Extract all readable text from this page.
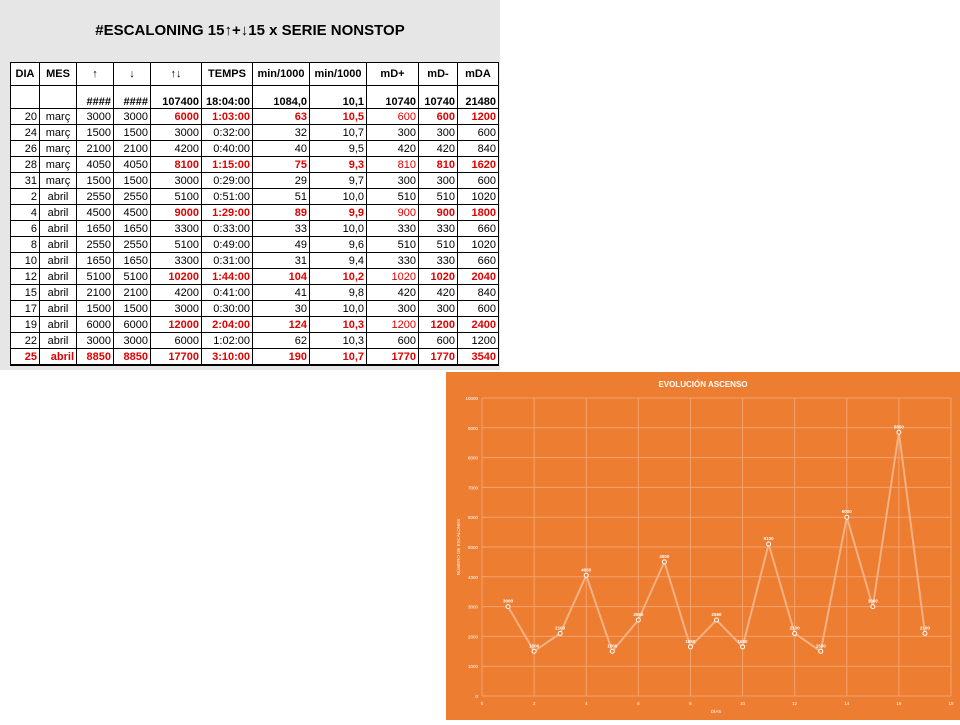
#ESCALONING 15↑+↓15 x SERIE NONSTOP
DIA	MES	↑	↓	↑↓	TEMPS	min/1000	min/1000	mD+	mD-	mDA
		####	####	107400	18:04:00	1084,0	10,1	10740	10740	21480
20	març	3000	3000	6000	1:03:00	63	10,5	600	600	1200
24	març	1500	1500	3000	0:32:00	32	10,7	300	300	600
26	març	2100	2100	4200	0:40:00	40	9,5	420	420	840
28	març	4050	4050	8100	1:15:00	75	9,3	810	810	1620
31	març	1500	1500	3000	0:29:00	29	9,7	300	300	600
2	abril	2550	2550	5100	0:51:00	51	10,0	510	510	1020
4	abril	4500	4500	9000	1:29:00	89	9,9	900	900	1800
6	abril	1650	1650	3300	0:33:00	33	10,0	330	330	660
8	abril	2550	2550	5100	0:49:00	49	9,6	510	510	1020
10	abril	1650	1650	3300	0:31:00	31	9,4	330	330	660
12	abril	5100	5100	10200	1:44:00	104	10,2	1020	1020	2040
15	abril	2100	2100	4200	0:41:00	41	9,8	420	420	840
17	abril	1500	1500	3000	0:30:00	30	10,0	300	300	600
19	abril	6000	6000	12000	2:04:00	124	10,3	1200	1200	2400
22	abril	3000	3000	6000	1:02:00	62	10,3	600	600	1200
25	abril	8850	8850	17700	3:10:00	190	10,7	1770	1770	3540
0
1000
2000
3000
4000
5000
6000
7000
8000
9000
10000
0	2	4	6	8	10	12	14	16	18
EVOLUCIÓN ASCENSO
DÍAS
NÚMERO DE ESCALONES
3000
1500
2100
4050
1500
2550
4500
1650
2550
1650
5100
2100
1500
6000
3000
8850
2100
